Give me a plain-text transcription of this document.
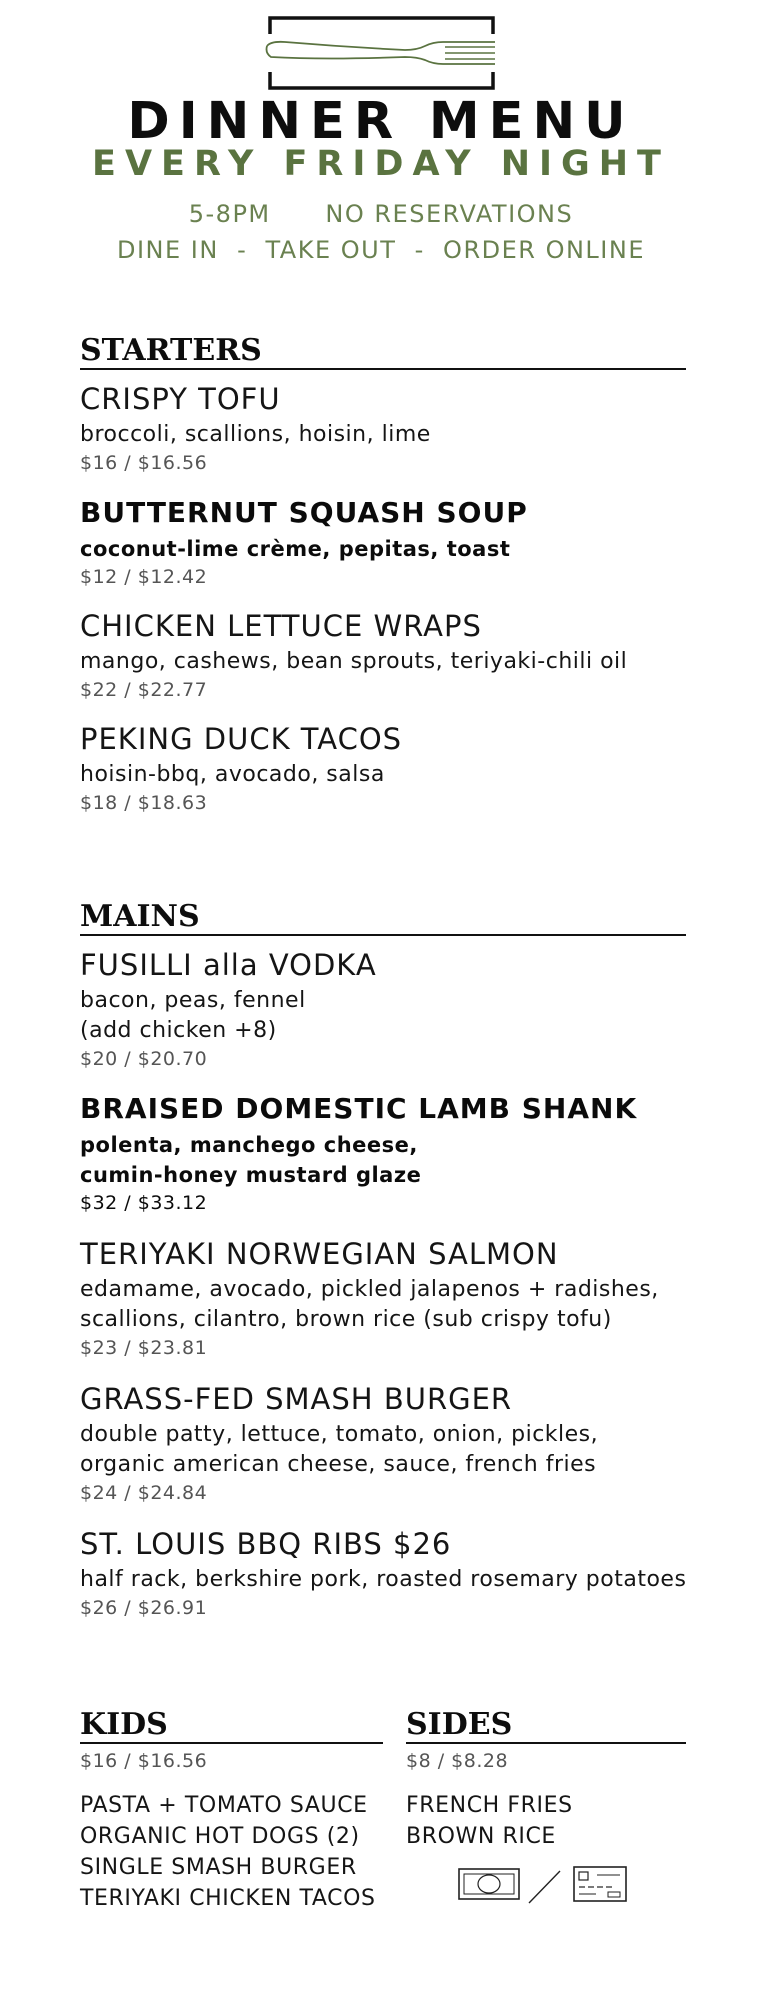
DINNER MENU
EVERY FRIDAY NIGHT
5-8PM      NO RESERVATIONS
DINE IN  -  TAKE OUT  -  ORDER ONLINE
STARTERS
CRISPY TOFU
broccoli, scallions, hoisin, lime
$16 / $16.56
BUTTERNUT SQUASH SOUP
coconut-lime crème, pepitas, toast
$12 / $12.42
CHICKEN LETTUCE WRAPS
mango, cashews, bean sprouts, teriyaki-chili oil
$22 / $22.77
PEKING DUCK TACOS
hoisin-bbq, avocado, salsa
$18 / $18.63
MAINS
FUSILLI alla VODKA
bacon, peas, fennel
(add chicken +8)
$20 / $20.70
BRAISED DOMESTIC LAMB SHANK
polenta, manchego cheese,
cumin-honey mustard glaze
$32 / $33.12
TERIYAKI NORWEGIAN SALMON
edamame, avocado, pickled jalapenos + radishes,
scallions, cilantro, brown rice (sub crispy tofu)
$23 / $23.81
GRASS-FED SMASH BURGER
double patty, lettuce, tomato, onion, pickles,
organic american cheese, sauce, french fries
$24 / $24.84
ST. LOUIS BBQ RIBS $26
half rack, berkshire pork, roasted rosemary potatoes
$26 / $26.91
KIDS
$16 / $16.56
PASTA + TOMATO SAUCE
ORGANIC HOT DOGS (2)
SINGLE SMASH BURGER
TERIYAKI CHICKEN TACOS
SIDES
$8 / $8.28
FRENCH FRIES
BROWN RICE
